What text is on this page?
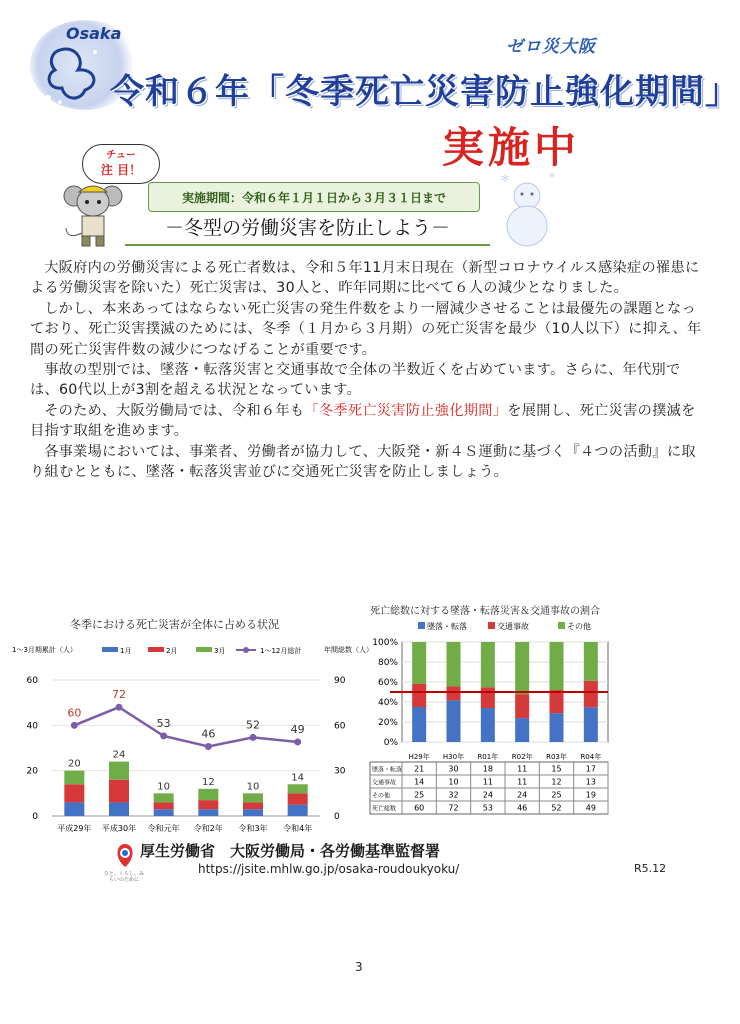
Osaka
ゼロ災大阪
令和６年「冬季死亡災害防止強化期間」
実施中
チュー
注 目！
実施期間：令和６年１月１日から３月３１日まで
－冬型の労働災害を防止しよう－
＊	＊

大阪府内の労働災害による死亡者数は、令和５年11月末日現在（新型コロナウイルス感染症の罹患による労働災害を除いた）死亡災害は、30人と、昨年同期に比べて６人の減少となりました。

しかし、本来あってはならない死亡災害の発生件数をより一層減少させることは最優先の課題となっており、死亡災害撲滅のためには、冬季（１月から３月期）の死亡災害を最少（10人以下）に抑え、年間の死亡災害件数の減少につなげることが重要です。

事故の型別では、墜落・転落災害と交通事故で全体の半数近くを占めています。さらに、年代別では、60代以上が3割を超える状況となっています。

そのため、大阪労働局では、令和６年も「冬季死亡災害防止強化期間」を展開し、死亡災害の撲滅を目指す取組を進めます。

各事業場においては、事業者、労働者が協力して、大阪発・新４Ｓ運動に基づく『４つの活動』に取り組むとともに、墜落・転落災害並びに交通死亡災害を防止しましょう。

冬季における死亡災害が全体に占める状況
1～3月期累計（人）	年間総数（人）
1月	2月	3月	1～12月総計
0
20
40
60
0
30
60
90
20
平成29年
24
平成30年
10
令和元年
12
令和2年
10
令和3年
14
令和4年
60
72
53
46
52	49
死亡総数に対する墜落・転落災害＆交通事故の割合
墜落・転落	交通事故	その他
0%
20%
40%
60%
80%
100%
H29年 H30年 R01年 R02年 R03年 R04年
墜落・転落 21	30	18	11	15	17
交通事故 14	10	11	11	12	13
その他	25	32	24	24	25	19
死亡総数 60	72	53	46	52	49
ひと、くらし、みらいのために
厚生労働省　大阪労働局・各労働基準監督署
https://jsite.mhlw.go.jp/osaka-roudoukyoku/	R5.12
3
